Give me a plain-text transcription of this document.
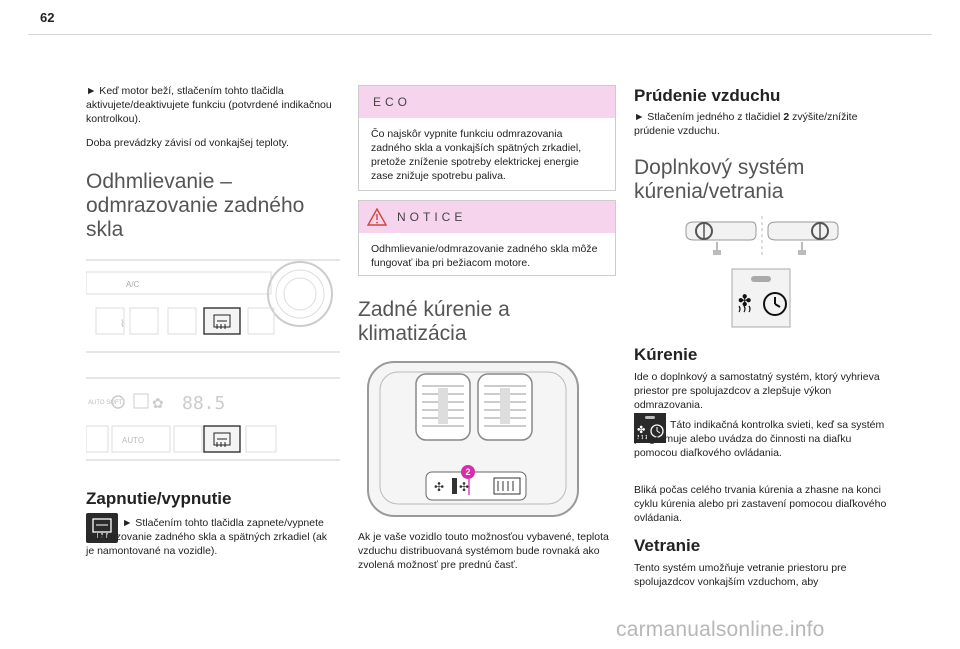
62

► Keď motor beží, stlačením tohto tlačidla aktivujete/deaktivujete funkciu (potvrdené indikačnou kontrolkou).

Doba prevádzky závisí od vonkajšej teploty.

Odhmlievanie –
odmrazovanie zadného
skla
A/C
⌇
AUTO SOFT ✿ 88.5
AUTO
Zapnutie/vypnutie

► Stlačením tohto tlačidla zapnete/vypnete odmrazovanie zadného skla a spätných zrkadiel (ak je namontované na vozidle).

ECO
Čo najskôr vypnite funkciu odmrazovania zadného skla a vonkajších spätných zrkadiel, pretože zníženie spotreby elektrickej energie zase znižuje spotrebu paliva.
NOTICE
Odhmlievanie/odmrazovanie zadného skla môže fungovať iba pri bežiacom motore.
Zadné kúrenie a
klimatizácia
✣ ✣
2

Ak je vaše vozidlo touto možnosťou vybavené, teplota vzduchu distribuovaná systémom bude rovnaká ako zvolená možnosť pre prednú časť.

Prúdenie vzduchu

► Stlačením jedného z tlačidiel 2 zvýšite/znížite prúdenie vzduchu.

Doplnkový systém
kúrenia/vetrania
✤
Kúrenie

Ide o doplnkový a samostatný systém, ktorý vyhrieva priestor pre spolujazdcov a zlepšuje výkon odmrazovania.

✤	Táto indikačná kontrolka svieti, keď sa systém programuje alebo uvádza do činnosti na diaľku pomocou diaľkového ovládania.

Bliká počas celého trvania kúrenia a zhasne na konci cyklu kúrenia alebo pri zastavení pomocou diaľkového ovládania.

Vetranie

Tento systém umožňuje vetranie priestoru pre spolujazdcov vonkajším vzduchom, aby

carmanualsonline.info
